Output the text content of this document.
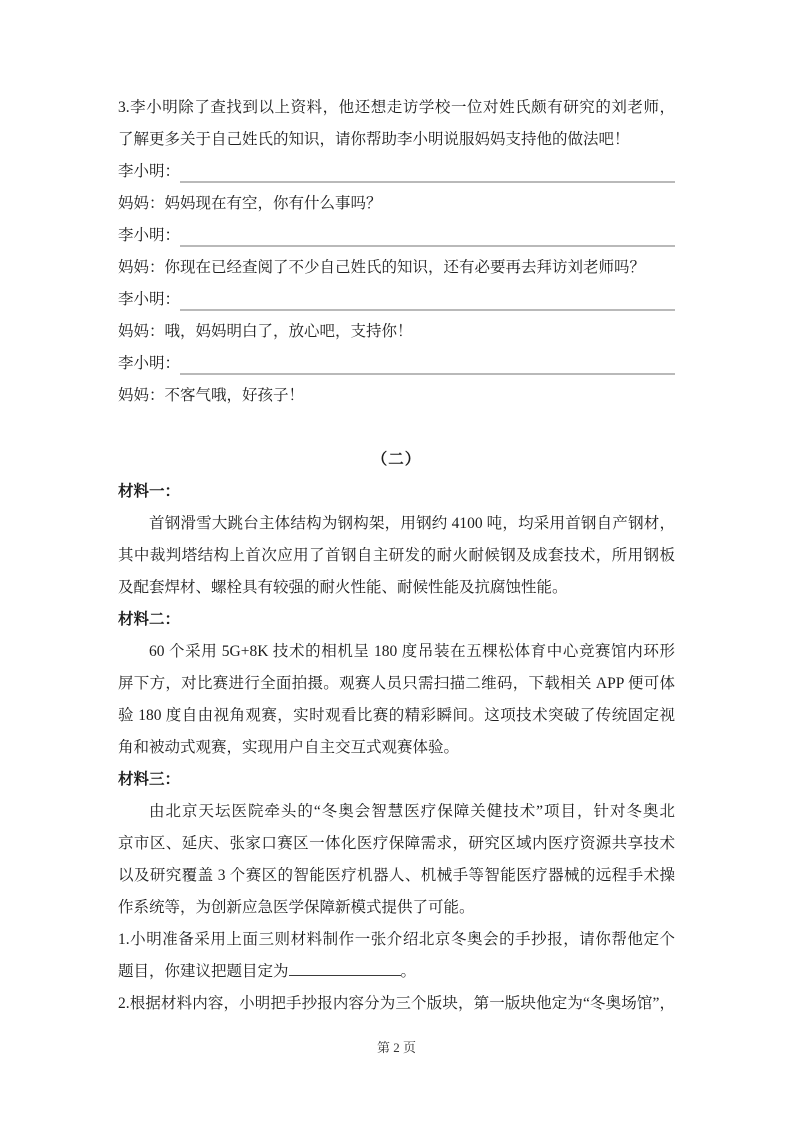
3.李小明除了查找到以上资料，他还想走访学校一位对姓氏颇有研究的刘老师，
了解更多关于自己姓氏的知识，请你帮助李小明说服妈妈支持他的做法吧！
李小明：
妈妈：妈妈现在有空，你有什么事吗？
李小明：
妈妈：你现在已经查阅了不少自己姓氏的知识，还有必要再去拜访刘老师吗？
李小明：
妈妈：哦，妈妈明白了，放心吧，支持你！
李小明：
妈妈：不客气哦，好孩子！
（二）
材料一：
首钢滑雪大跳台主体结构为钢构架，用钢约 4100 吨，均采用首钢自产钢材，
其中裁判塔结构上首次应用了首钢自主研发的耐火耐候钢及成套技术，所用钢板
及配套焊材、螺栓具有较强的耐火性能、耐候性能及抗腐蚀性能。
材料二：
60 个采用 5G+8K 技术的相机呈 180 度吊装在五棵松体育中心竞赛馆内环形
屏下方，对比赛进行全面拍摄。观赛人员只需扫描二维码，下载相关 APP 便可体
验 180 度自由视角观赛，实时观看比赛的精彩瞬间。这项技术突破了传统固定视
角和被动式观赛，实现用户自主交互式观赛体验。
材料三：
由北京天坛医院牵头的“冬奥会智慧医疗保障关健技术”项目，针对冬奥北
京市区、延庆、张家口赛区一体化医疗保障需求，研究区域内医疗资源共享技术
以及研究覆盖 3 个赛区的智能医疗机器人、机械手等智能医疗器械的远程手术操
作系统等，为创新应急医学保障新模式提供了可能。
1.小明准备采用上面三则材料制作一张介绍北京冬奥会的手抄报，请你帮他定个
题目，你建议把题目定为	。
2.根据材料内容，小明把手抄报内容分为三个版块，第一版块他定为“冬奥场馆”，
第 2 页
